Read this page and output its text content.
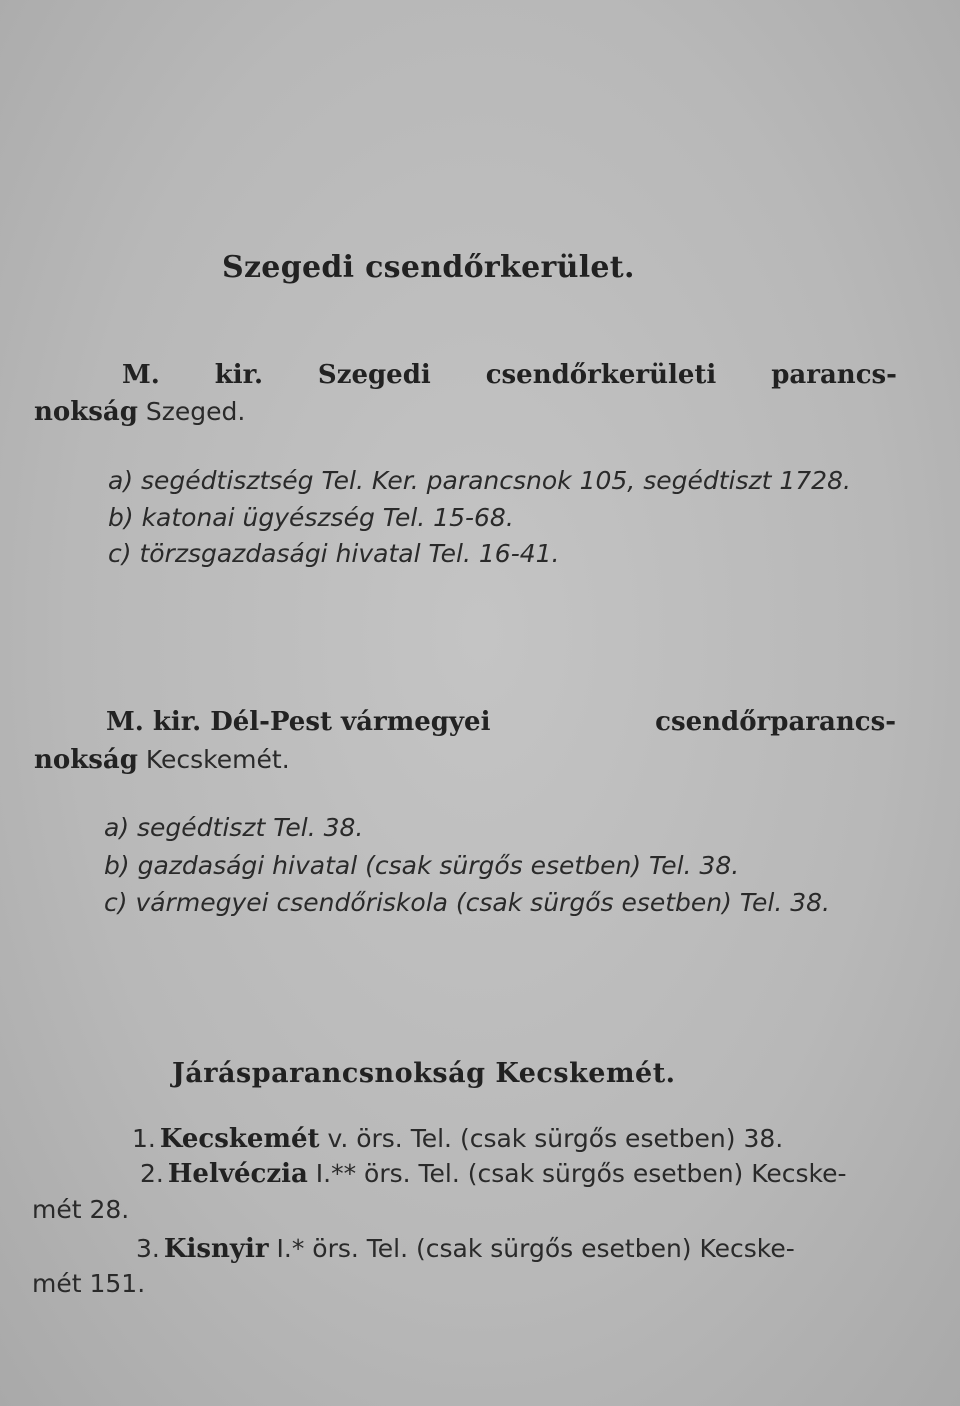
Szegedi csendőrkerület.
M. kir. Szegedi csendőrkerületi parancs-
nokság Szeged.
a) segédtisztség Tel. Ker. parancsnok 105, segédtiszt 1728.
b) katonai ügyészség Tel. 15-68.
c) törzsgazdasági hivatal Tel. 16-41.
M. kir. Dél-Pest vármegyei	csendőrparancs-
nokság Kecskemét.
a) segédtiszt Tel. 38.
b) gazdasági hivatal (csak sürgős esetben) Tel. 38.
c) vármegyei csendőriskola (csak sürgős esetben) Tel. 38.
Járásparancsnokság Kecskemét.
1. Kecskemét v. örs. Tel. (csak sürgős esetben) 38.
2. Helvéczia I.** örs. Tel. (csak sürgős esetben) Kecske-
mét 28.
3. Kisnyir I.* örs. Tel. (csak sürgős esetben) Kecske-
mét 151.
